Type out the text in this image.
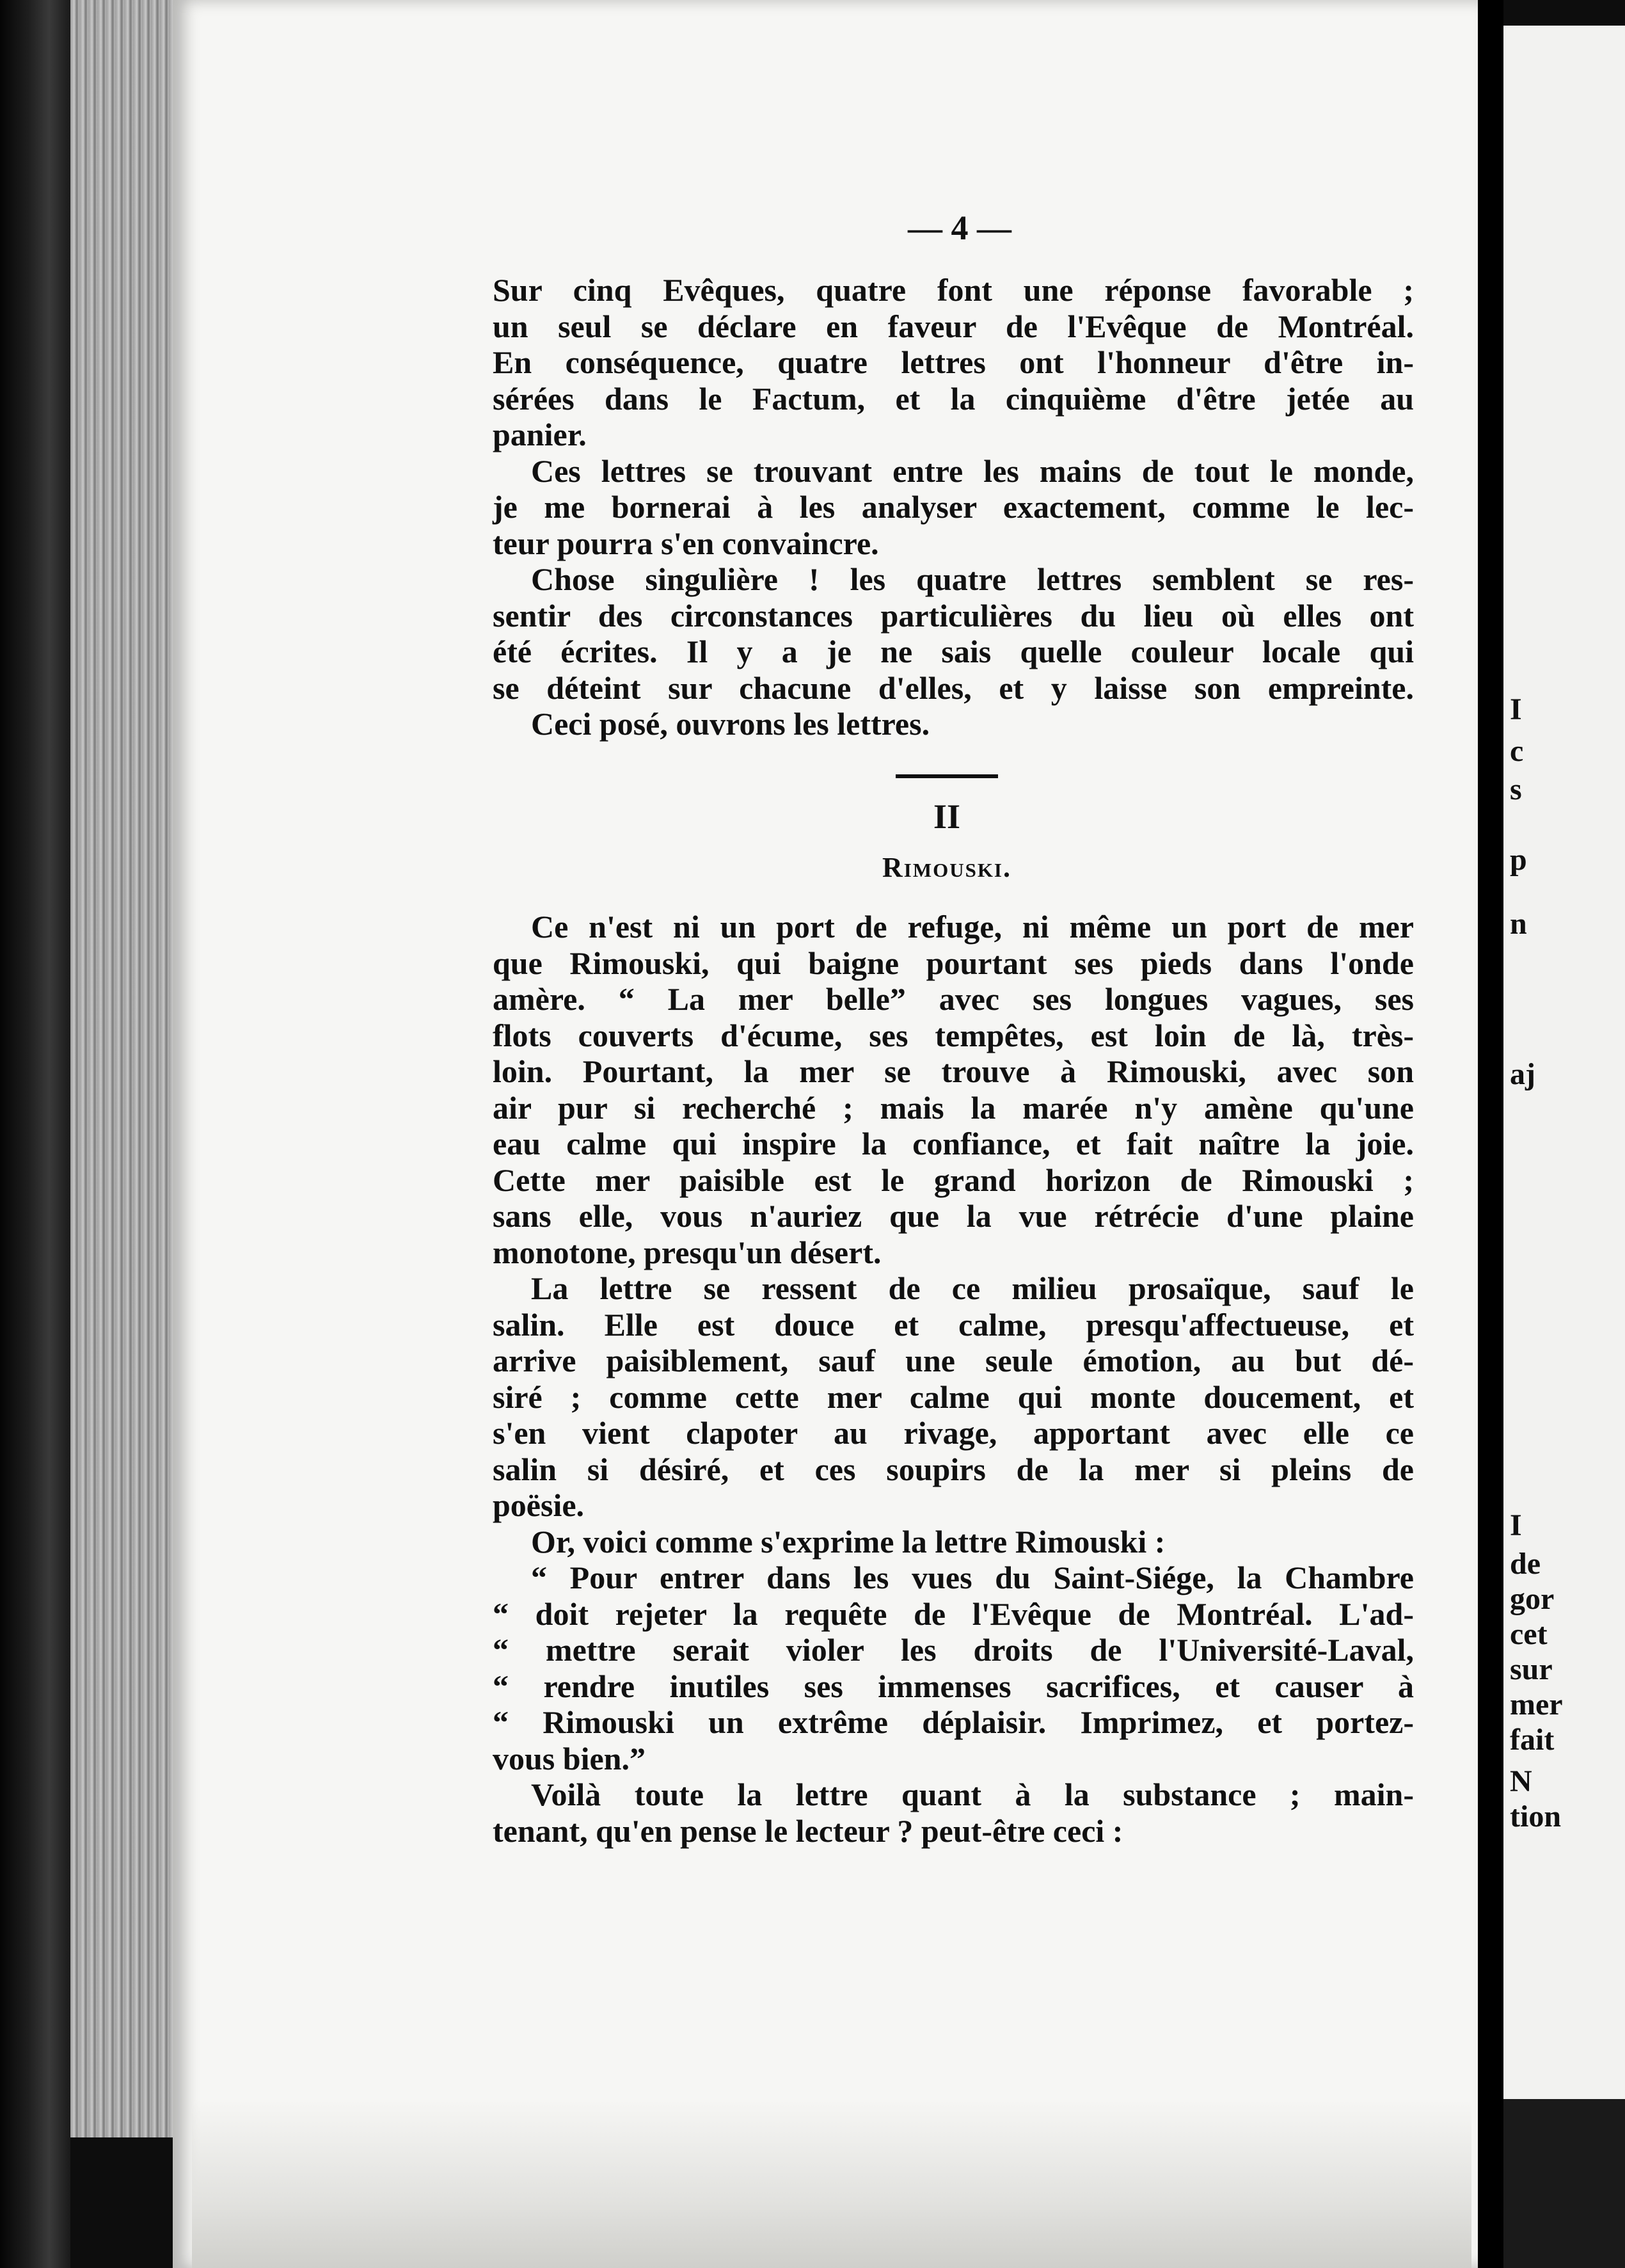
I
c
s
p
n
aj
I
de
gor
cet
sur
mer
fait
N
tion
— 4 —
Sur cinq Evêques, quatre font une réponse favorable ;
un seul se déclare en faveur de l'Evêque de Montréal.
En conséquence, quatre lettres ont l'honneur d'être in-
sérées dans le Factum, et la cinquième d'être jetée au
panier.
Ces lettres se trouvant entre les mains de tout le monde,
je me bornerai à les analyser exactement, comme le lec-
teur pourra s'en convaincre.
Chose singulière ! les quatre lettres semblent se res-
sentir des circonstances particulières du lieu où elles ont
été écrites. Il y a je ne sais quelle couleur locale qui
se déteint sur chacune d'elles, et y laisse son empreinte.
Ceci posé, ouvrons les lettres.
II
Rimouski.
Ce n'est ni un port de refuge, ni même un port de mer
que Rimouski, qui baigne pourtant ses pieds dans l'onde
amère. “ La mer belle” avec ses longues vagues, ses
flots couverts d'écume, ses tempêtes, est loin de là, très-
loin. Pourtant, la mer se trouve à Rimouski, avec son
air pur si recherché ; mais la marée n'y amène qu'une
eau calme qui inspire la confiance, et fait naître la joie.
Cette mer paisible est le grand horizon de Rimouski ;
sans elle, vous n'auriez que la vue rétrécie d'une plaine
monotone, presqu'un désert.
La lettre se ressent de ce milieu prosaïque, sauf le
salin. Elle est douce et calme, presqu'affectueuse, et
arrive paisiblement, sauf une seule émotion, au but dé-
siré ; comme cette mer calme qui monte doucement, et
s'en vient clapoter au rivage, apportant avec elle ce
salin si désiré, et ces soupirs de la mer si pleins de
poësie.
Or, voici comme s'exprime la lettre Rimouski :
“ Pour entrer dans les vues du Saint-Siége, la Chambre
“ doit rejeter la requête de l'Evêque de Montréal. L'ad-
“ mettre serait violer les droits de l'Université-Laval,
“ rendre inutiles ses immenses sacrifices, et causer à
“ Rimouski un extrême déplaisir. Imprimez, et portez-
vous bien.”
Voilà toute la lettre quant à la substance ; main-
tenant, qu'en pense le lecteur ? peut-être ceci :
